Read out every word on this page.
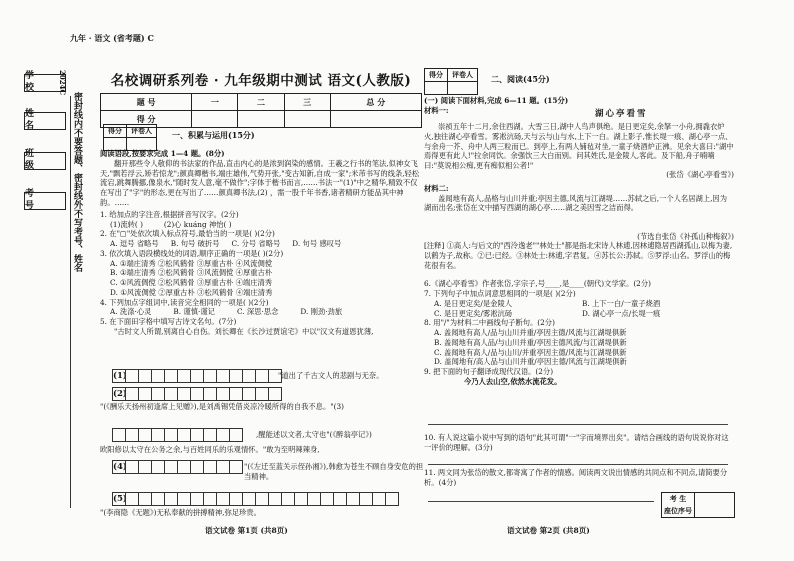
九年 · 语文 (省考题) C
学 校
姓 名
班 级
考 号
2024C
密封线内不要答题、密封线外不写考号、姓名
名校调研系列卷 · 九年级期中测试 语文(人教版)
题 号	一	二	三	总 分
得 分				
得分	评卷人
		一、积累与运用(15分)

阅读语段,按要求完成 1—4 题。(8分)

翻开那些令人敬仰的书法家的作品,直击内心的是浓到润染的感情。王羲之行书的笔法,似神女飞天,"飘若浮云,矫若惊龙";颜真卿楷书,端庄雄伟,气势开张,"变古知新,自成一家";米芾书写的线条,轻松流宕,跳舞腾挪,像泉水,"随时发人意,毫不做作";字体于楷书而言,……书法一"(1)"中之精华,精致不仅在写出了"字"的形态,更在写出了……颜真卿书法,(2) ，需一股千年书香,诸者精研方能品其中神韵。……

1. 给加点的字注音,根据拼音写汉字。(2分)

(1)流转( )	(2)心 kuáng 神怡( )

2. 在"▢"处依次填入标点符号,最恰当的一项是( )(2分)

A. 逗号 省略号 B. 句号 破折号 C. 分号 省略号 D. 句号 感叹号

3. 依次填入语段横线处的词语,顺序正确的一项是( )(2分)

A. ①端庄清秀 ②松风鹤骨 ③厚重古朴 ④风流倜傥

B. ①端庄清秀 ②松风鹤骨 ③风流倜傥 ④厚重古朴

C. ①风流倜傥 ②松风鹤骨 ③厚重古朴 ④端庄清秀

D. ①风流倜傥 ②厚重古朴 ③松风鹤骨 ④端庄清秀

4. 下列加点字组词中,读音完全相同的一项是( )(2分)

A. 洗涤·心灵	B. 谨慎·谨记	C. 深思·思念	D. 刚劲·劲旅

5. 在下面田字格中填写古诗文名句。(7分)

"古时文人所谓,别离自心自伤。刘长卿在《长沙过贾谊宅》中以"汉文有道恩犹薄,

(1)	"道出了千古文人的悲剧与无奈。
(2)
"(《酬乐天扬州初逢席上见赠》),是刘禹锡凭借炎凉冷暖所得的自我不息。"(3)
,醒能述以文者,太守也"(《醉翁亭记》)
欧阳修以太守在公务之余,与百姓同乐的乐观情怀。"敢为至明辣辣身,
(4)	"(《左迁至蓝关示侄孙湘》),韩愈为苍生不顾自身安危的担当精神。
(5)
"(李商隐《无题》)无私奉献的拼搏精神,弥足珍贵。
语文试卷 第1页 (共8页)
得分	评卷人
	二、阅读(45分)

(一) 阅读下面材料,完成 6—11 题。(15分)

材料一:	湖心亭看雪

崇祯五年十二月,余住西湖。大雪三日,湖中人鸟声俱绝。是日更定矣,余拏一小舟,拥毳衣炉火,独往湖心亭看雪。雾凇沆砀,天与云与山与水,上下一白。湖上影子,惟长堤一痕、湖心亭一点、与余舟一芥、舟中人两三粒而已。到亭上,有两人铺毡对坐,一童子烧酒炉正沸。见余大喜曰:"湖中焉得更有此人!"拉余同饮。余强饮三大白而别。问其姓氏,是金陵人,客此。及下船,舟子喃喃曰:"莫说相公痴,更有痴似相公者!"

(张岱《湖心亭看雪》)

材料二:

盖闻地有高人,品格与山川并重;亭因主德,风流与江湖堤……苏轼之后,一个人名居湖上,因为湖而出名;张岱在文中描写西湖的湖心亭……湖之美因雪之洁而得。

(节选自张岱《补孤山种梅叙》)

[注释] ①高人:与后文的"西泠逸老""林处士"都是指北宋诗人林逋,因林逋隐居西湖孤山,以梅为妻,以鹤为子,故称。②已:已经。③林处士:林逋,字君复。④苏长公:苏轼。⑤罗浮:山名。罗浮山的梅花很有名。

6.《湖心亭看雪》作者张岱,字宗子,号____,是____(朝代)文学家。(2分)

7. 下列句子中加点词意思相同的一项是( )(2分)

A. 是日更定矣/是金陵人	B. 上下一白/一童子烧酒
C. 是日更定矣/雾凇沆砀	D. 湖心亭一点/长堤一痕

8. 用"/"为材料二中画线句子断句。(2分)

A. 盖闻地有高人/品与山川并重/亭因主德/风流与江湖堤俱新

B. 盖闻地有高人品/与山川并重/亭因主德风流/与江湖堤俱新

C. 盖闻地有高人/品与山川/并重亭因主德/风流与江湖堤俱新

D. 盖闻地有/高人品与山川并重/亭因主德/风流与江湖堤俱新

9. 把下面的句子翻译成现代汉语。(2分)

今乃人去山空,依然水流花发。

10. 有人说这篇小说中写到的语句"此其可谓"一"字而境界出矣"。请结合画线的语句说说你对这一评价的理解。(3分)
11. 两文同为张岱的散文,都寄寓了作者的情感。阅读两文说出情感的共同点和不同点,请简要分析。(4分)
考 生
座位序号
语文试卷 第2页 (共8页)
